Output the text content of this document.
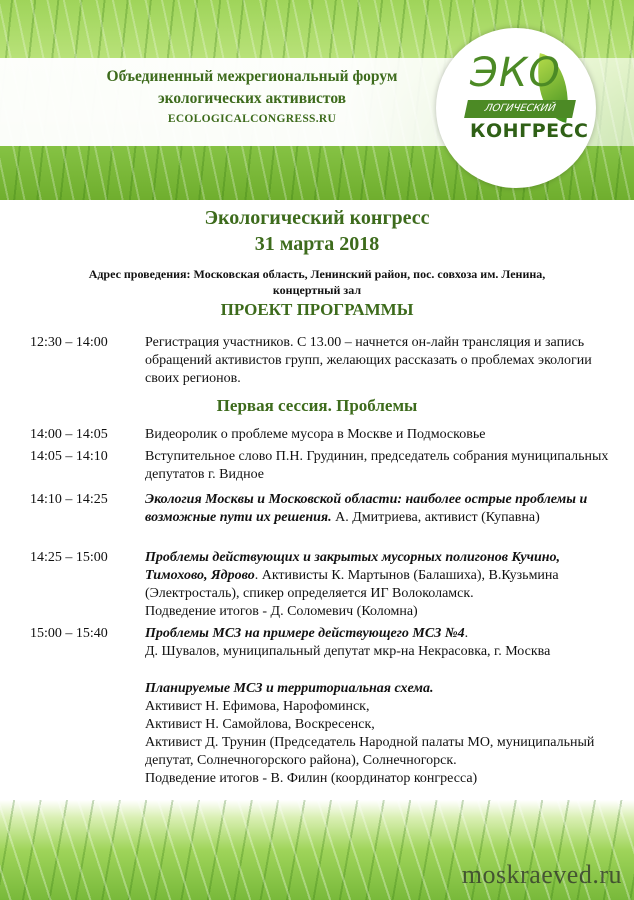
Объединенный межрегиональный форум
экологических активистов
ECOLOGICALCONGRESS.RU
ЭКО
ЛОГИЧЕСКИЙ
КОНГРЕСС
Экологический конгресс
31 марта 2018
Адрес проведения: Московская область, Ленинский район, пос. совхоза им. Ленина, концертный зал
ПРОЕКТ ПРОГРАММЫ
12:30 – 14:00	Регистрация участников. С 13.00 – начнется он-лайн трансляция и запись обращений активистов групп, желающих рассказать о проблемах экологии своих регионов.
Первая сессия. Проблемы
14:00 – 14:05	Видеоролик о проблеме мусора в Москве и Подмосковье
14:05 – 14:10	Вступительное слово П.Н. Грудинин, председатель собрания муниципальных депутатов г. Видное
14:10 – 14:25	Экология Москвы и Московской области: наиболее острые проблемы и возможные пути их решения. А. Дмитриева, активист (Купавна)
14:25 – 15:00	Проблемы действующих и закрытых мусорных полигонов Кучино, Тимохово, Ядрово. Активисты К. Мартынов (Балашиха), В.Кузьмина (Электросталь), спикер определяется ИГ Волоколамск.
Подведение итогов - Д. Соломевич (Коломна)
15:00 – 15:40	Проблемы МСЗ на примере действующего МСЗ №4.
Д. Шувалов, муниципальный депутат мкр-на Некрасовка, г. Москва
Планируемые МСЗ и территориальная схема.
Активист Н. Ефимова, Нарофоминск,
Активист Н. Самойлова, Воскресенск,
Активист Д. Трунин (Председатель Народной палаты МО, муниципальный депутат, Солнечногорского района), Солнечногорск.
Подведение итогов - В. Филин (координатор конгресса)
moskraeved.ru
